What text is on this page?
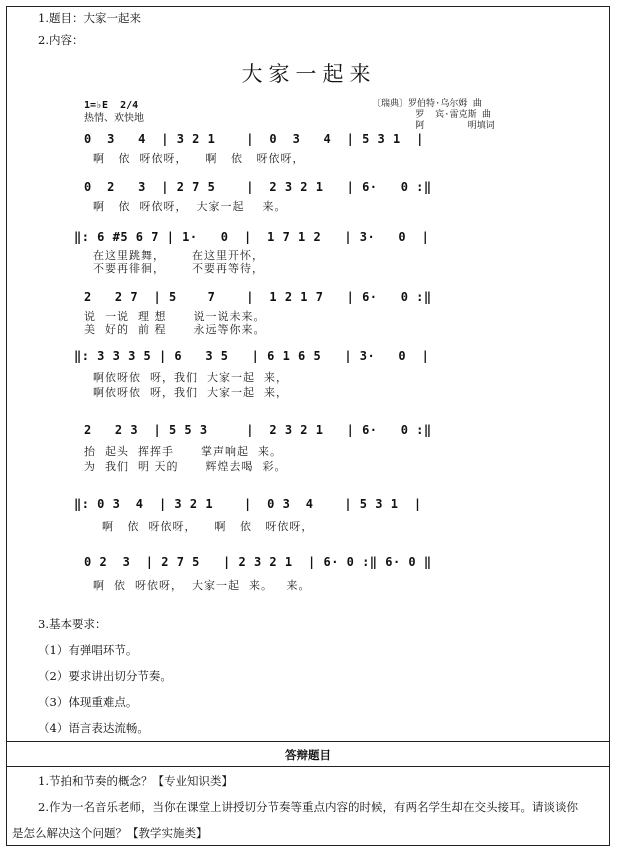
1.题目：大家一起来
2.内容：
大家一起来
1=♭E  2/4
热情、欢快地
〔瑞典〕罗伯特·乌尔姆 曲
罗  宾·雷克斯 曲
阿        明填词
0  3   4  | 3 2 1    |  0  3   4  | 5 3 1  |
啊   依  呀依呀，    啊   依   呀依呀，
0  2   3  | 2 7 5    |  2 3 2 1   | 6·   0 :‖
啊   依  呀依呀，  大家一起    来。
‖: 6 #5 6 7 | 1·   0  |  1 7 1 2   | 3·   0  |
在这里跳舞，      在这里开怀，
不要再徘徊，      不要再等待，
2   2 7  | 5    7    |  1 2 1 7   | 6·   0 :‖
说  一说  理 想      说一说未来。
美  好的  前 程      永远等你来。
‖: 3 3 3 5 | 6   3 5   | 6 1 6 5   | 3·   0  |
啊依呀依  呀，我们  大家一起  来，
啊依呀依  呀，我们  大家一起  来，
2   2 3  | 5 5 3     |  2 3 2 1   | 6·   0 :‖
抬  起头  挥挥手      掌声响起  来。
为  我们  明 天的      辉煌去喝  彩。
‖: 0 3  4  | 3 2 1    |  0 3  4    | 5 3 1  |
啊   依  呀依呀，    啊   依   呀依呀，
0 2  3  | 2 7 5   | 2 3 2 1  | 6· 0 :‖ 6· 0 ‖
啊  依  呀依呀，  大家一起  来。   来。
3.基本要求：
（1）有弹唱环节。
（2）要求讲出切分节奏。
（3）体现重难点。
（4）语言表达流畅。
答辩题目
1.节拍和节奏的概念？【专业知识类】
2.作为一名音乐老师，当你在课堂上讲授切分节奏等重点内容的时候，有两名学生却在交头接耳。请谈谈你
是怎么解决这个问题？【教学实施类】
